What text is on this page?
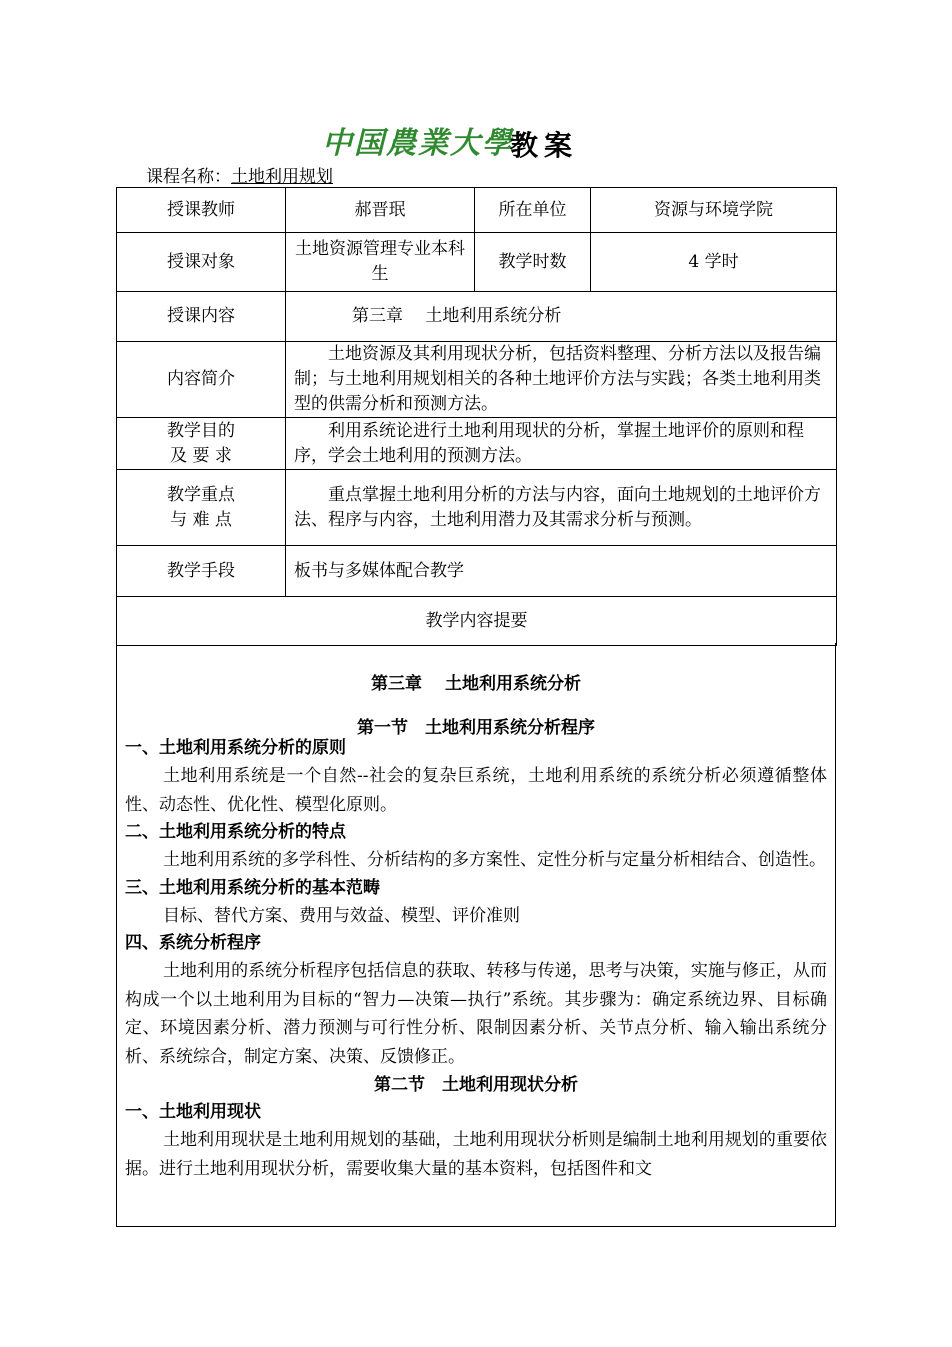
中国農業大學
教案
课程名称：土地利用规划
授课教师	郝晋珉	所在单位	资源与环境学院
授课对象	土地资源管理专业本科生	教学时数	4 学时
授课内容	第三章　 土地利用系统分析		
内容简介	土地资源及其利用现状分析，包括资料整理、分析方法以及报告编制；与土地利用规划相关的各种土地评价方法与实践；各类土地利用类型的供需分析和预测方法。		

教学目的
及 要 求	利用系统论进行土地利用现状的分析，掌握土地评价的原则和程序，学会土地利用的预测方法。		

教学重点
与 难 点	重点掌握土地利用分析的方法与内容，面向土地规划的土地评价方法、程序与内容，土地利用潜力及其需求分析与预测。		
教学手段	板书与多媒体配合教学		
教学内容提要			
第三章　 土地利用系统分析
第一节　土地利用系统分析程序
一、土地利用系统分析的原则

土地利用系统是一个自然--社会的复杂巨系统，土地利用系统的系统分析必须遵循整体性、动态性、优化性、模型化原则。

二、土地利用系统分析的特点

土地利用系统的多学科性、分析结构的多方案性、定性分析与定量分析相结合、创造性。

三、土地利用系统分析的基本范畴

目标、替代方案、费用与效益、模型、评价准则

四、系统分析程序

土地利用的系统分析程序包括信息的获取、转移与传递，思考与决策，实施与修正，从而构成一个以土地利用为目标的“智力—决策—执行”系统。其步骤为：确定系统边界、目标确定、环境因素分析、潜力预测与可行性分析、限制因素分析、关节点分析、输入输出系统分析、系统综合，制定方案、决策、反馈修正。

第二节　土地利用现状分析
一、土地利用现状

土地利用现状是土地利用规划的基础，土地利用现状分析则是编制土地利用规划的重要依据。进行土地利用现状分析，需要收集大量的基本资料，包括图件和文
